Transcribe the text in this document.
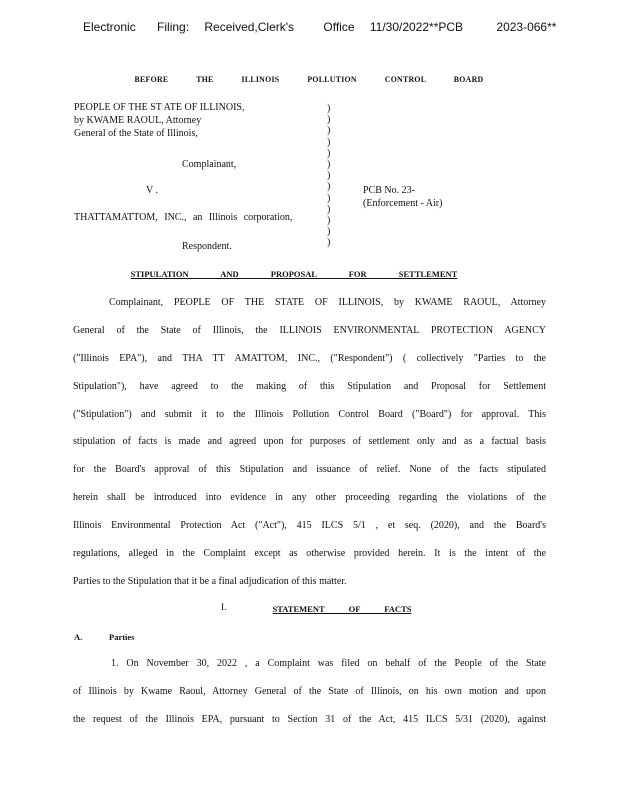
Electronic Filing: Received,Clerk's Office 11/30/2022**PCB	2023-066**
BEFORE THE ILLINOIS POLLUTION CONTROL BOARD
PEOPLE OF THE ST ATE OF ILLINOIS,
by KWAME RAOUL, Attorney
General of the State of Illinois,
Complainant,
V .	PCB No. 23-
(Enforcement - Air)
THATTAMATTOM, INC., an Illinois corporation,
Respondent.
)
)
)
)
)
)
)
)
)
)
)
)
)
STIPULATION AND PROPOSAL FOR SETTLEMENT
Complainant, PEOPLE OF THE STATE OF ILLINOIS, by KWAME RAOUL, Attorney
General of the State of Illinois, the ILLINOIS ENVIRONMENTAL PROTECTION AGENCY
("Illinois EPA"), and THA TT AMATTOM, INC., ("Respondent") ( collectively "Parties to the
Stipulation"), have agreed to the making of this Stipulation and Proposal for Settlement
("Stipulation") and submit it to the Illinois Pollution Control Board ("Board") for approval. This
stipulation of facts is made and agreed upon for purposes of settlement only and as a factual basis
for the Board's approval of this Stipulation and issuance of relief. None of the facts stipulated
herein shall be introduced into evidence in any other proceeding regarding the violations of the
Illinois Environmental Protection Act ("Act"), 415 ILCS 5/1 , et seq. (2020), and the Board's
regulations, alleged in the Complaint except as otherwise provided herein. It is the intent of the
Parties to the Stipulation that it be a final adjudication of this matter.
I.	STATEMENT OF FACTS
A.	Parties
1. On November 30, 2022 , a Complaint was filed on behalf of the People of the State
of Illinois by Kwame Raoul, Attorney General of the State of Illinois, on his own motion and upon
the request of the Illinois EPA, pursuant to Section 31 of the Act, 415 ILCS 5/31 (2020), against
